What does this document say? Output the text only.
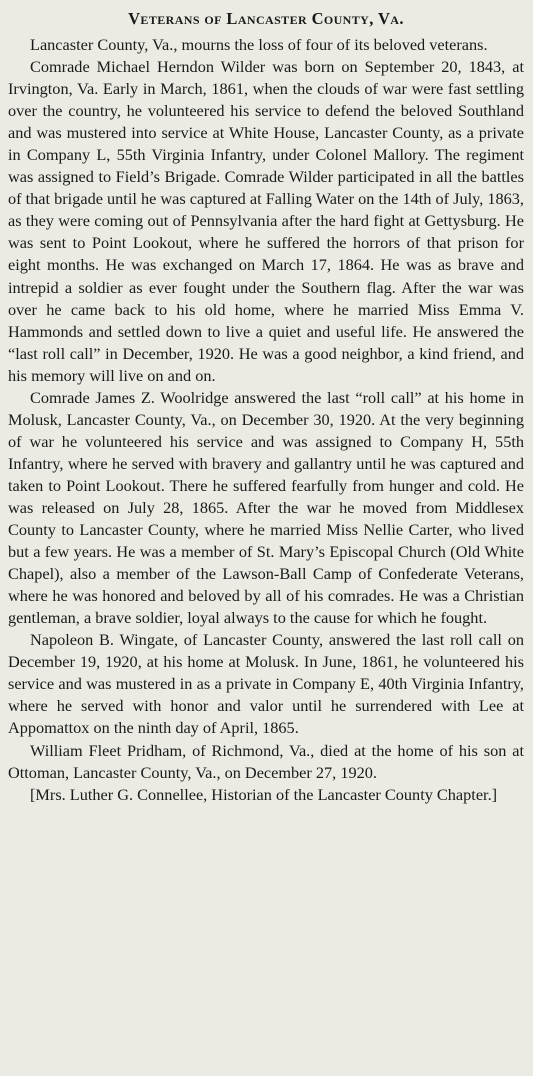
Veterans of Lancaster County, Va.

Lancaster County, Va., mourns the loss of four of its beloved veterans.

Comrade Michael Herndon Wilder was born on September 20, 1843, at Irvington, Va. Early in March, 1861, when the clouds of war were fast settling over the country, he volunteered his service to defend the beloved Southland and was mustered into service at White House, Lancaster County, as a private in Company L, 55th Virginia Infantry, under Colonel Mallory. The regiment was assigned to Field’s Brigade. Comrade Wilder participated in all the battles of that brigade until he was captured at Falling Water on the 14th of July, 1863, as they were coming out of Pennsylvania after the hard fight at Gettysburg. He was sent to Point Lookout, where he suffered the horrors of that prison for eight months. He was exchanged on March 17, 1864. He was as brave and intrepid a soldier as ever fought under the Southern flag. After the war was over he came back to his old home, where he married Miss Emma V. Hammonds and settled down to live a quiet and useful life. He answered the “last roll call” in December, 1920. He was a good neighbor, a kind friend, and his memory will live on and on.

Comrade James Z. Woolridge answered the last “roll call” at his home in Molusk, Lancaster County, Va., on December 30, 1920. At the very beginning of war he volunteered his service and was assigned to Company H, 55th Infantry, where he served with bravery and gallantry until he was captured and taken to Point Lookout. There he suffered fearfully from hunger and cold. He was released on July 28, 1865. After the war he moved from Middlesex County to Lancaster County, where he married Miss Nellie Carter, who lived but a few years. He was a member of St. Mary’s Episcopal Church (Old White Chapel), also a member of the Lawson-Ball Camp of Confederate Veterans, where he was honored and beloved by all of his comrades. He was a Christian gentleman, a brave soldier, loyal always to the cause for which he fought.

Napoleon B. Wingate, of Lancaster County, answered the last roll call on December 19, 1920, at his home at Molusk. In June, 1861, he volunteered his service and was mustered in as a private in Company E, 40th Virginia Infantry, where he served with honor and valor until he surrendered with Lee at Appomattox on the ninth day of April, 1865.

William Fleet Pridham, of Richmond, Va., died at the home of his son at Ottoman, Lancaster County, Va., on December 27, 1920.

[Mrs. Luther G. Connellee, Historian of the Lancaster County Chapter.]
